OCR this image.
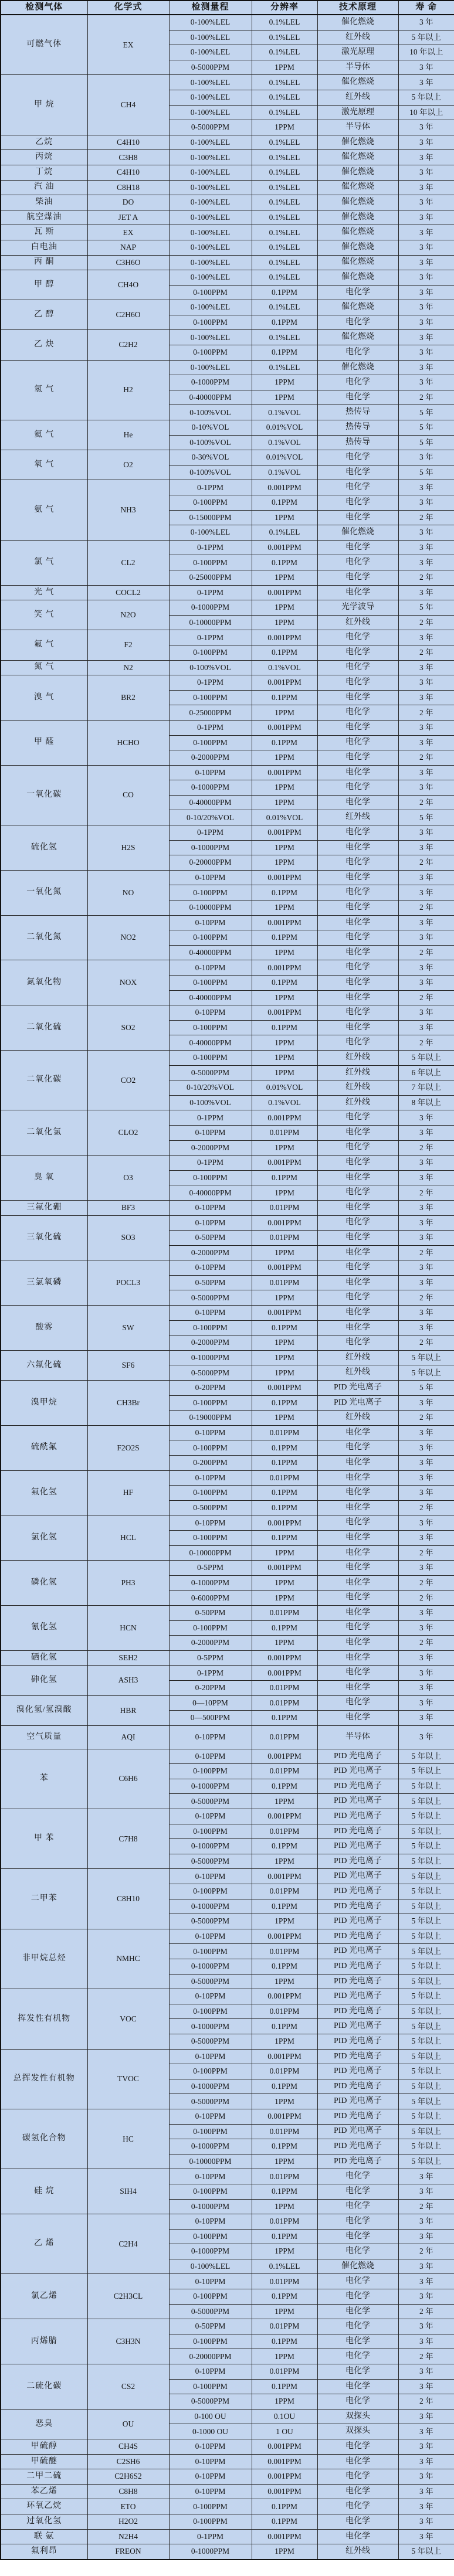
检测气体	化学式	检测量程	分辨率	技术原理	寿 命
可燃气体	EX	0-100%LEL	0.1%LEL	催化燃烧	3 年
		0-100%LEL	0.1%LEL	红外线	5 年以上
		0-100%LEL	0.1%LEL	激光原理	10 年以上
		0-5000PPM	1PPM	半导体	3 年
甲 烷	CH4	0-100%LEL	0.1%LEL	催化燃烧	3 年
		0-100%LEL	0.1%LEL	红外线	5 年以上
		0-100%LEL	0.1%LEL	激光原理	10 年以上
		0-5000PPM	1PPM	半导体	3 年
乙烷	C4H10	0-100%LEL	0.1%LEL	催化燃烧	3 年
丙烷	C3H8	0-100%LEL	0.1%LEL	催化燃烧	3 年
丁烷	C4H10	0-100%LEL	0.1%LEL	催化燃烧	3 年
汽 油	C8H18	0-100%LEL	0.1%LEL	催化燃烧	3 年
柴油	DO	0-100%LEL	0.1%LEL	催化燃烧	3 年
航空煤油	JET A	0-100%LEL	0.1%LEL	催化燃烧	3 年
瓦 斯	EX	0-100%LEL	0.1%LEL	催化燃烧	3 年
白电油	NAP	0-100%LEL	0.1%LEL	催化燃烧	3 年
丙 酮	C3H6O	0-100%LEL	0.1%LEL	催化燃烧	3 年
甲 醇	CH4O	0-100%LEL	0.1%LEL	催化燃烧	3 年
		0-100PPM	0.1PPM	电化学	3 年
乙 醇	C2H6O	0-100%LEL	0.1%LEL	催化燃烧	3 年
		0-100PPM	0.1PPM	电化学	3 年
乙 炔	C2H2	0-100%LEL	0.1%LEL	催化燃烧	3 年
		0-100PPM	0.1PPM	电化学	3 年
氢 气	H2	0-100%LEL	0.1%LEL	催化燃烧	3 年
		0-1000PPM	1PPM	电化学	3 年
		0-40000PPM	1PPM	电化学	2 年
		0-100%VOL	0.1%VOL	热传导	5 年
氦 气	He	0-10%VOL	0.01%VOL	热传导	5 年
		0-100%VOL	0.1%VOL	热传导	5 年
氧 气	O2	0-30%VOL	0.01%VOL	电化学	3 年
		0-100%VOL	0.1%VOL	电化学	5 年
氨 气	NH3	0-1PPM	0.001PPM	电化学	3 年
		0-100PPM	0.1PPM	电化学	3 年
		0-15000PPM	1PPM	电化学	2 年
		0-100%LEL	0.1%LEL	催化燃烧	3 年
氯 气	CL2	0-1PPM	0.001PPM	电化学	3 年
		0-100PPM	0.1PPM	电化学	3 年
		0-25000PPM	1PPM	电化学	2 年
光 气	COCL2	0-1PPM	0.001PPM	电化学	3 年
笑 气	N2O	0-1000PPM	1PPM	光学波导	5 年
		0-10000PPM	1PPM	红外线	2 年
氟 气	F2	0-1PPM	0.001PPM	电化学	3 年
		0-100PPM	0.1PPM	电化学	2 年
氮 气	N2	0-100%VOL	0.1%VOL	电化学	3 年
溴 气	BR2	0-1PPM	0.001PPM	电化学	3 年
		0-100PPM	0.1PPM	电化学	3 年
		0-25000PPM	1PPM	电化学	2 年
甲 醛	HCHO	0-1PPM	0.001PPM	电化学	3 年
		0-100PPM	0.1PPM	电化学	3 年
		0-2000PPM	1PPM	电化学	2 年
一氧化碳	CO	0-10PPM	0.001PPM	电化学	3 年
		0-1000PPM	1PPM	电化学	3 年
		0-40000PPM	1PPM	电化学	2 年
		0-10/20%VOL	0.01%VOL	红外线	5 年
硫化氢	H2S	0-1PPM	0.001PPM	电化学	3 年
		0-1000PPM	1PPM	电化学	3 年
		0-20000PPM	1PPM	电化学	2 年
一氧化氮	NO	0-10PPM	0.001PPM	电化学	3 年
		0-100PPM	0.1PPM	电化学	3 年
		0-10000PPM	1PPM	电化学	2 年
二氧化氮	NO2	0-10PPM	0.001PPM	电化学	3 年
		0-100PPM	0.1PPM	电化学	3 年
		0-40000PPM	1PPM	电化学	2 年
氮氧化物	NOX	0-10PPM	0.001PPM	电化学	3 年
		0-100PPM	0.1PPM	电化学	3 年
		0-40000PPM	1PPM	电化学	2 年
二氧化硫	SO2	0-10PPM	0.001PPM	电化学	3 年
		0-100PPM	0.1PPM	电化学	3 年
		0-40000PPM	1PPM	电化学	2 年
二氧化碳	CO2	0-100PPM	1PPM	红外线	5 年以上
		0-5000PPM	1PPM	红外线	6 年以上
		0-10/20%VOL	0.01%VOL	红外线	7 年以上
		0-100%VOL	0.1%VOL	红外线	8 年以上
二氧化氯	CLO2	0-1PPM	0.001PPM	电化学	3 年
		0-10PPM	0.01PPM	电化学	3 年
		0-2000PPM	1PPM	电化学	2 年
臭 氧	O3	0-1PPM	0.001PPM	电化学	3 年
		0-100PPM	0.1PPM	电化学	3 年
		0-40000PPM	1PPM	电化学	2 年
三氟化硼	BF3	0-10PPM	0.01PPM	电化学	3 年
三氧化硫	SO3	0-10PPM	0.001PPM	电化学	3 年
		0-50PPM	0.01PPM	电化学	3 年
		0-2000PPM	1PPM	电化学	2 年
三氯氧磷	POCL3	0-10PPM	0.001PPM	电化学	3 年
		0-50PPM	0.01PPM	电化学	3 年
		0-5000PPM	1PPM	电化学	2 年
酸雾	SW	0-10PPM	0.001PPM	电化学	3 年
		0-100PPM	0.1PPM	电化学	3 年
		0-2000PPM	1PPM	电化学	2 年
六氟化硫	SF6	0-1000PPM	1PPM	红外线	5 年以上
		0-5000PPM	1PPM	红外线	5 年以上
溴甲烷	CH3Br	0-20PPM	0.001PPM	PID 光电离子	5 年
		0-100PPM	0.1PPM	PID 光电离子	3 年
		0-19000PPM	1PPM	红外线	2 年
硫酰氟	F2O2S	0-10PPM	0.01PPM	电化学	3 年
		0-100PPM	0.1PPM	电化学	3 年
		0-200PPM	0.1PPM	电化学	3 年
氟化氢	HF	0-10PPM	0.01PPM	电化学	3 年
		0-100PPM	0.1PPM	电化学	3 年
		0-500PPM	0.1PPM	电化学	2 年
氯化氢	HCL	0-10PPM	0.001PPM	电化学	3 年
		0-100PPM	0.1PPM	电化学	3 年
		0-10000PPM	1PPM	电化学	2 年
磷化氢	PH3	0-5PPM	0.001PPM	电化学	3 年
		0-1000PPM	1PPM	电化学	2 年
		0-6000PPM	1PPM	电化学	2 年
氰化氢	HCN	0-50PPM	0.01PPM	电化学	3 年
		0-100PPM	0.1PPM	电化学	3 年
		0-2000PPM	1PPM	电化学	2 年
硒化氢	SEH2	0-5PPM	0.001PPM	电化学	3 年
砷化氢	ASH3	0-1PPM	0.001PPM	电化学	3 年
		0-20PPM	0.01PPM	电化学	3 年
溴化氢/氢溴酸	HBR	0—10PPM	0.01PPM	电化学	3 年
		0—500PPM	0.1PPM	电化学	3 年
空气质量	AQI	0-10PPM	0.01PPM	半导体	3 年
苯	C6H6	0-10PPM	0.001PPM	PID 光电离子	5 年以上
		0-100PPM	0.01PPM	PID 光电离子	5 年以上
		0-1000PPM	0.1PPM	PID 光电离子	5 年以上
		0-5000PPM	1PPM	PID 光电离子	5 年以上
甲 苯	C7H8	0-10PPM	0.001PPM	PID 光电离子	5 年以上
		0-100PPM	0.01PPM	PID 光电离子	5 年以上
		0-1000PPM	0.1PPM	PID 光电离子	5 年以上
		0-5000PPM	1PPM	PID 光电离子	5 年以上
二甲苯	C8H10	0-10PPM	0.001PPM	PID 光电离子	5 年以上
		0-100PPM	0.01PPM	PID 光电离子	5 年以上
		0-1000PPM	0.1PPM	PID 光电离子	5 年以上
		0-5000PPM	1PPM	PID 光电离子	5 年以上
非甲烷总烃	NMHC	0-10PPM	0.001PPM	PID 光电离子	5 年以上
		0-100PPM	0.01PPM	PID 光电离子	5 年以上
		0-1000PPM	0.1PPM	PID 光电离子	5 年以上
		0-5000PPM	1PPM	PID 光电离子	5 年以上
挥发性有机物	VOC	0-10PPM	0.001PPM	PID 光电离子	5 年以上
		0-100PPM	0.01PPM	PID 光电离子	5 年以上
		0-1000PPM	0.1PPM	PID 光电离子	5 年以上
		0-5000PPM	1PPM	PID 光电离子	5 年以上
总挥发性有机物	TVOC	0-10PPM	0.001PPM	PID 光电离子	5 年以上
		0-100PPM	0.01PPM	PID 光电离子	5 年以上
		0-1000PPM	0.1PPM	PID 光电离子	5 年以上
		0-5000PPM	1PPM	PID 光电离子	5 年以上
碳氢化合物	HC	0-10PPM	0.001PPM	PID 光电离子	5 年以上
		0-100PPM	0.01PPM	PID 光电离子	5 年以上
		0-1000PPM	0.1PPM	PID 光电离子	5 年以上
		0-10000PPM	1PPM	PID 光电离子	5 年以上
硅 烷	SIH4	0-10PPM	0.01PPM	电化学	3 年
		0-100PPM	0.1PPM	电化学	3 年
		0-1000PPM	1PPM	电化学	2 年
乙 烯	C2H4	0-10PPM	0.01PPM	电化学	3 年
		0-100PPM	0.1PPM	电化学	3 年
		0-1000PPM	1PPM	电化学	2 年
		0-100%LEL	0.1%LEL	催化燃烧	3 年
氯乙烯	C2H3CL	0-10PPM	0.01PPM	电化学	3 年
		0-100PPM	0.1PPM	电化学	3 年
		0-5000PPM	1PPM	电化学	2 年
丙烯腈	C3H3N	0-50PPM	0.01PPM	电化学	3 年
		0-100PPM	0.1PPM	电化学	3 年
		0-20000PPM	1PPM	电化学	2 年
二硫化碳	CS2	0-10PPM	0.01PPM	电化学	3 年
		0-100PPM	0.1PPM	电化学	3 年
		0-5000PPM	1PPM	电化学	2 年
恶臭	OU	0-100 OU	0.1OU	双探头	3 年
		0-1000 OU	1 OU	双探头	3 年
甲硫醇	CH4S	0-10PPM	0.001PPM	电化学	3 年
甲硫醚	C2SH6	0-10PPM	0.001PPM	电化学	3 年
二甲二硫	C2H6S2	0-10PPM	0.001PPM	电化学	3 年
苯乙烯	C8H8	0-10PPM	0.001PPM	电化学	3 年
环氧乙烷	ETO	0-100PPM	0.1PPM	电化学	3 年
过氧化氢	H2O2	0-100PPM	0.1PPM	电化学	3 年
联 氨	N2H4	0-1PPM	0.001PPM	电化学	3 年
氟利昂	FREON	0-1000PPM	1PPM	红外线	5 年以上
